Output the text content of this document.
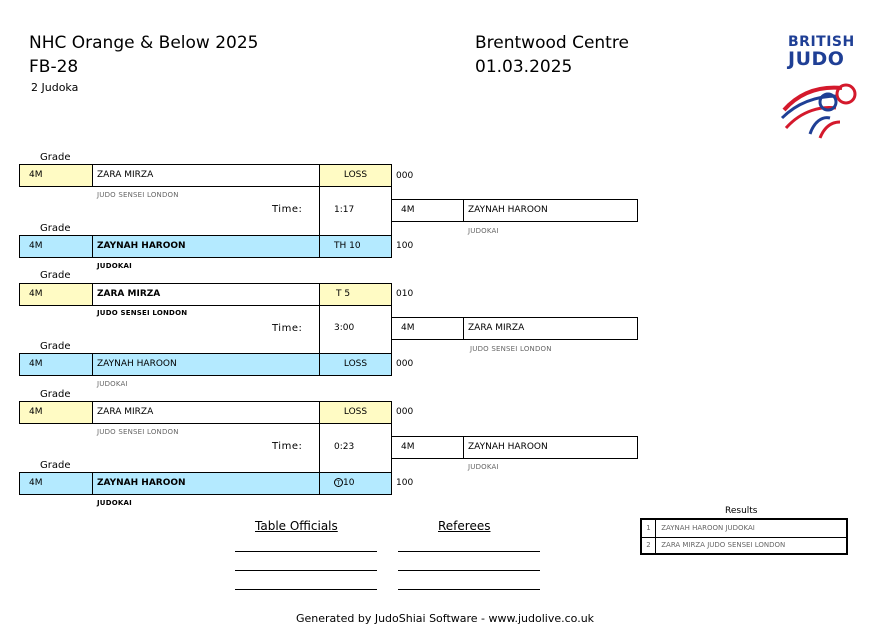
NHC Orange & Below 2025
FB-28
2 Judoka
Brentwood Centre
01.03.2025
BRITISH
JUDO
Grade
4M	ZARA MIRZA	LOSS	000
JUDO SENSEI LONDON
Time:	1:17
Grade
4M	ZAYNAH HAROON	TH 10	100
JUDOKAI
4M	ZAYNAH HAROON
JUDOKAI
Grade
4M	ZARA MIRZA	T 5	010
JUDO SENSEI LONDON
Time:	3:00
Grade
4M	ZAYNAH HAROON	LOSS	000
JUDOKAI
4M	ZARA MIRZA
JUDO SENSEI LONDON
Grade
4M	ZARA MIRZA	LOSS	000
JUDO SENSEI LONDON
Time:	0:23
Grade
4M	ZAYNAH HAROON	T 10	100
JUDOKAI
4M	ZAYNAH HAROON
JUDOKAI
Table Officials	Referees
Results
1 ZAYNAH HAROON JUDOKAI
2 ZARA MIRZA JUDO SENSEI LONDON
Generated by JudoShiai Software - www.judolive.co.uk
